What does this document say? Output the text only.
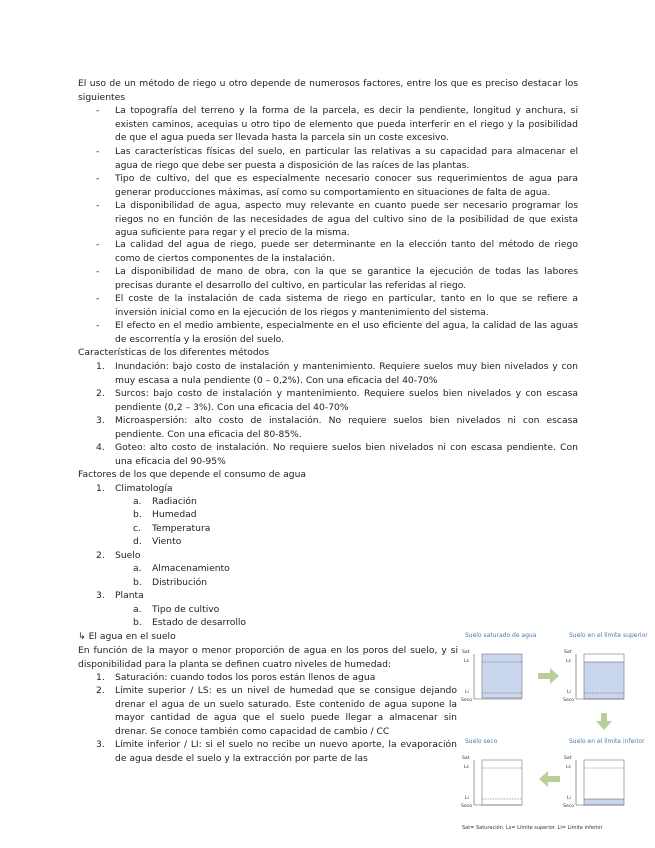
El uso de un método de riego u otro depende de numerosos factores, entre los que es preciso destacar los siguientes
-	La topografía del terreno y la forma de la parcela, es decir la pendiente, longitud y anchura, si existen caminos, acequias u otro tipo de elemento que pueda interferir en el riego y la posibilidad de que el agua pueda ser llevada hasta la parcela sin un coste excesivo.
-	Las características físicas del suelo, en particular las relativas a su capacidad para almacenar el agua de riego que debe ser puesta a disposición de las raíces de las plantas.
-	Tipo de cultivo, del que es especialmente necesario conocer sus requerimientos de agua para generar producciones máximas, así como su comportamiento en situaciones de falta de agua.
-	La disponibilidad de agua, aspecto muy relevante en cuanto puede ser necesario programar los riegos no en función de las necesidades de agua del cultivo sino de la posibilidad de que exista agua suficiente para regar y el precio de la misma.
-	La calidad del agua de riego, puede ser determinante en la elección tanto del método de riego como de ciertos componentes de la instalación.
-	La disponibilidad de mano de obra, con la que se garantice la ejecución de todas las labores precisas durante el desarrollo del cultivo, en particular las referidas al riego.
-	El coste de la instalación de cada sistema de riego en particular, tanto en lo que se refiere a inversión inicial como en la ejecución de los riegos y mantenimiento del sistema.
-	El efecto en el medio ambiente, especialmente en el uso eficiente del agua, la calidad de las aguas de escorrentía y la erosión del suelo.
Características de los diferentes métodos
1.	Inundación: bajo costo de instalación y mantenimiento. Requiere suelos muy bien nivelados y con muy escasa a nula pendiente (0 – 0,2%). Con una eficacia del 40-70%
2.	Surcos: bajo costo de instalación y mantenimiento. Requiere suelos bien nivelados y con escasa pendiente (0,2 – 3%). Con una eficacia del 40-70%
3.	Microaspersión: alto costo de instalación. No requiere suelos bien nivelados ni con escasa pendiente. Con una eficacia del 80-85%.
4.	Goteo: alto costo de instalación. No requiere suelos bien nivelados ni con escasa pendiente. Con una eficacia del 90-95%
Factores de los que depende el consumo de agua
1.	Climatología
a.	Radiación
b.	Humedad
c.	Temperatura
d.	Viento
2.	Suelo
a.	Almacenamiento
b.	Distribución
3.	Planta
a.	Tipo de cultivo
b.	Estado de desarrollo
↳ El agua en el suelo
En función de la mayor o menor proporción de agua en los poros del suelo, y si disponibilidad para la planta se definen cuatro niveles de humedad:
1.	Saturación: cuando todos los poros están llenos de agua
2.	Límite superior / LS: es un nivel de humedad que se consigue dejando drenar el agua de un suelo saturado. Este contenido de agua supone la mayor cantidad de agua que el suelo puede llegar a almacenar sin drenar. Se conoce también como capacidad de cambio / CC
3.	Límite inferior / LI: si el suelo no recibe un nuevo aporte, la evaporación de agua desde el suelo y la extracción por parte de las
Suelo saturado de agua	Suelo en el límite superior
Suelo seco	Suelo en el límite inferior
Sat
Ls
Li
Seco
Sat
Ls
Li
Seco
Sat
Ls
Li
Seco
Sat
Ls
Li
Seco
Sat= Saturación. Ls= Límite superior. Li= Límite inferior
